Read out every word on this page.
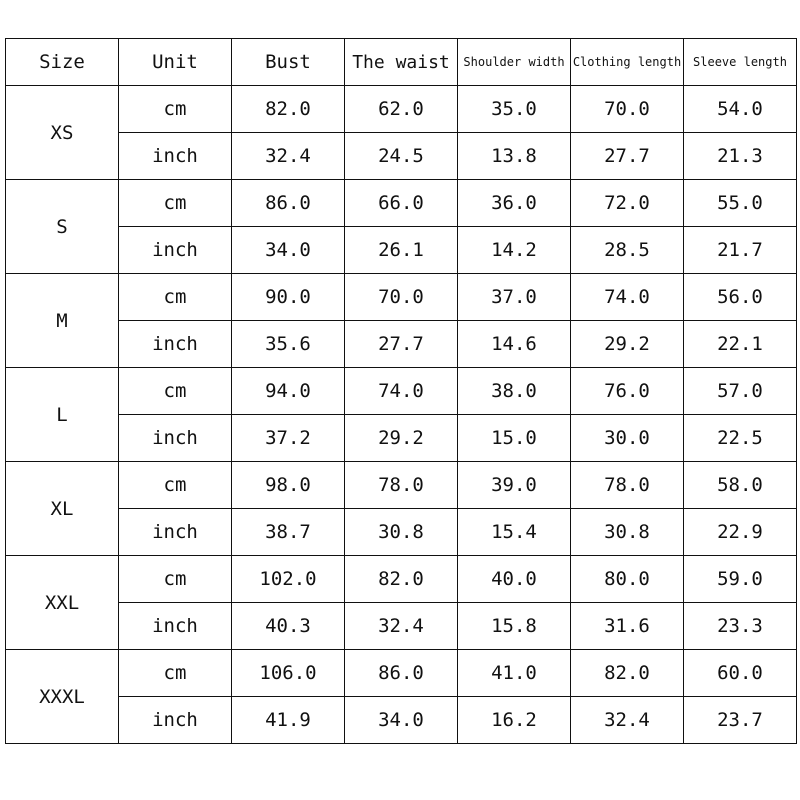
Size	Unit	Bust	The waist	Shoulder width	Clothing length	Sleeve length
XS	cm	82.0	62.0	35.0	70.0	54.0
	inch	32.4	24.5	13.8	27.7	21.3
S	cm	86.0	66.0	36.0	72.0	55.0
	inch	34.0	26.1	14.2	28.5	21.7
M	cm	90.0	70.0	37.0	74.0	56.0
	inch	35.6	27.7	14.6	29.2	22.1
L	cm	94.0	74.0	38.0	76.0	57.0
	inch	37.2	29.2	15.0	30.0	22.5
XL	cm	98.0	78.0	39.0	78.0	58.0
	inch	38.7	30.8	15.4	30.8	22.9
XXL	cm	102.0	82.0	40.0	80.0	59.0
	inch	40.3	32.4	15.8	31.6	23.3
XXXL	cm	106.0	86.0	41.0	82.0	60.0
	inch	41.9	34.0	16.2	32.4	23.7
